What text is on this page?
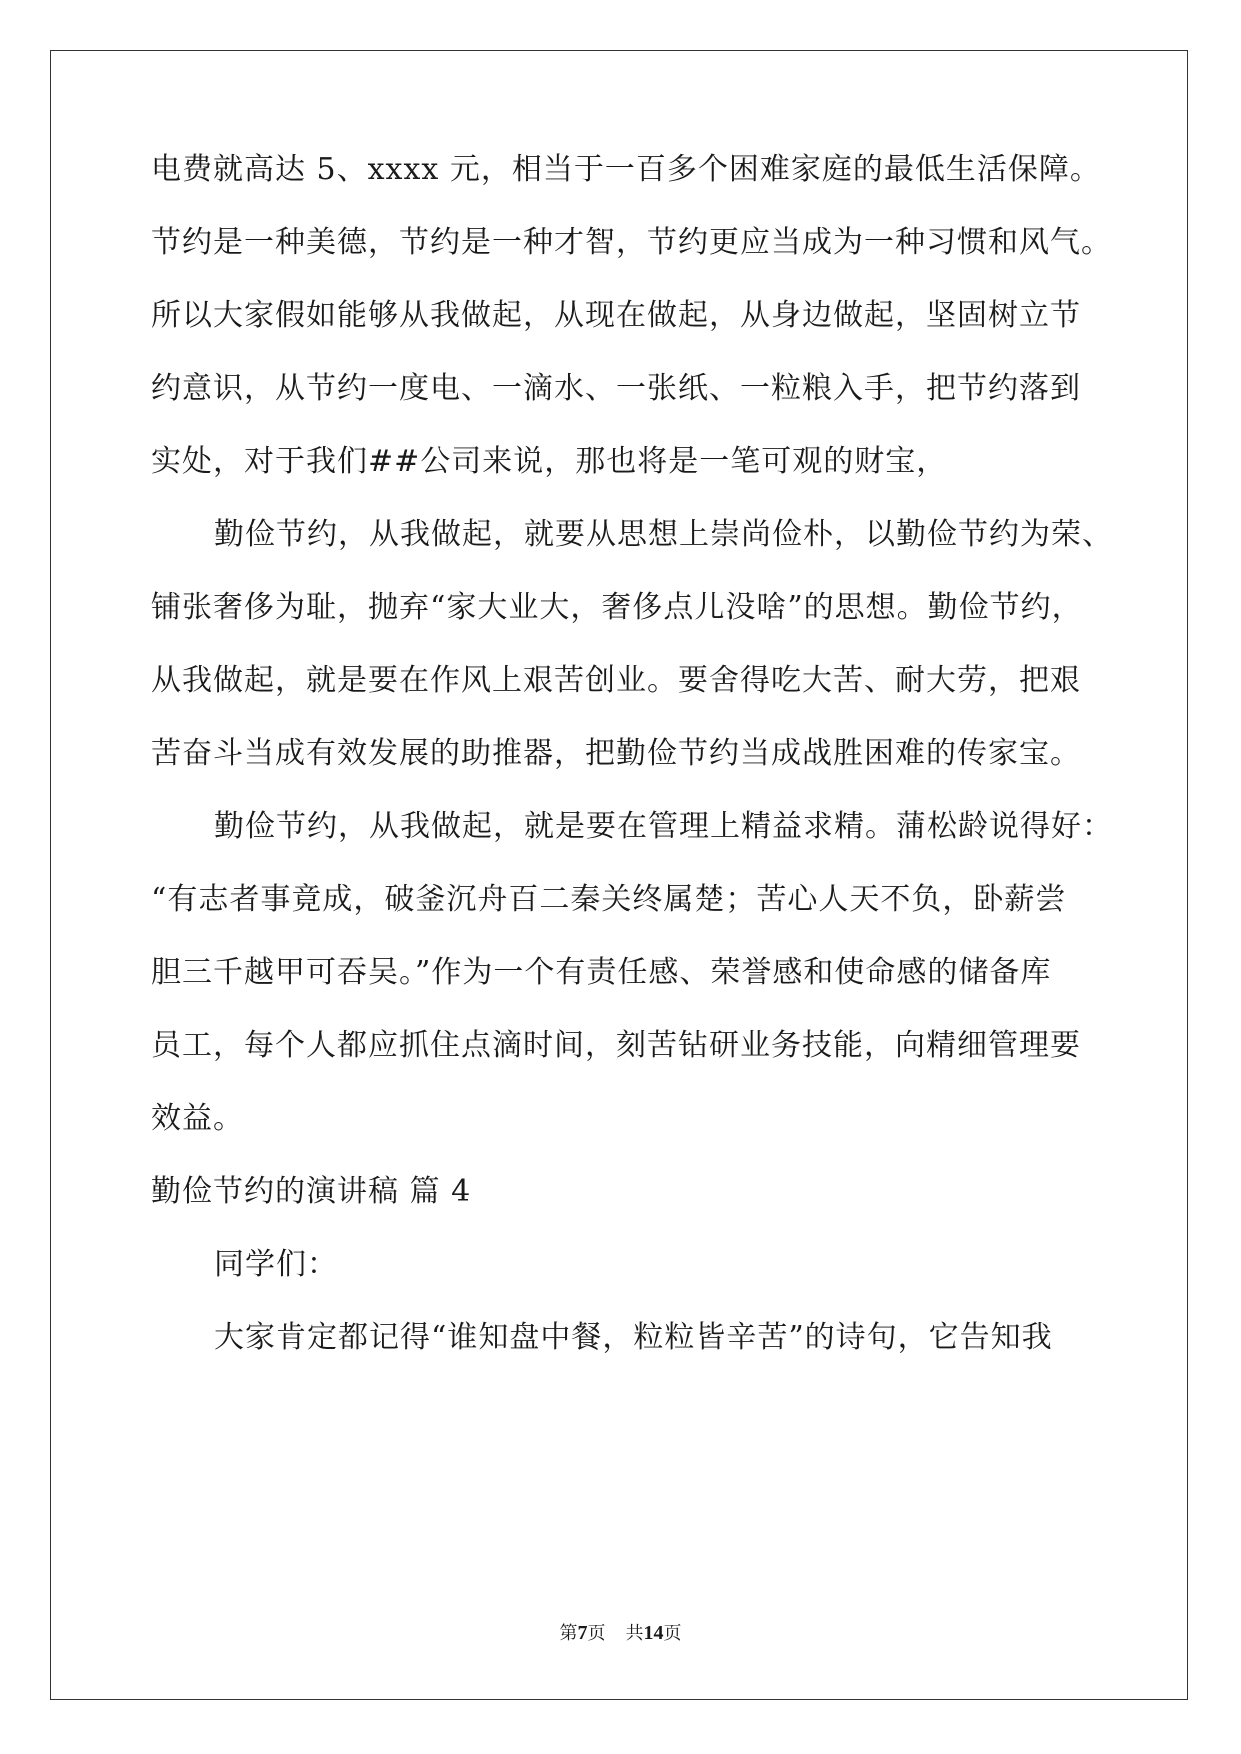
电费就高达 5、xxxx 元，相当于一百多个困难家庭的最低生活保障。

节约是一种美德，节约是一种才智，节约更应当成为一种习惯和风气。

所以大家假如能够从我做起，从现在做起，从身边做起，坚固树立节

约意识，从节约一度电、一滴水、一张纸、一粒粮入手，把节约落到

实处，对于我们##公司来说，那也将是一笔可观的财宝，

勤俭节约，从我做起，就要从思想上崇尚俭朴，以勤俭节约为荣、

铺张奢侈为耻，抛弃“家大业大，奢侈点儿没啥”的思想。勤俭节约，

从我做起，就是要在作风上艰苦创业。要舍得吃大苦、耐大劳，把艰

苦奋斗当成有效发展的助推器，把勤俭节约当成战胜困难的传家宝。

勤俭节约，从我做起，就是要在管理上精益求精。蒲松龄说得好：

“有志者事竟成，破釜沉舟百二秦关终属楚；苦心人天不负，卧薪尝

胆三千越甲可吞吴。”作为一个有责任感、荣誉感和使命感的储备库

员工，每个人都应抓住点滴时间，刻苦钻研业务技能，向精细管理要

效益。

勤俭节约的演讲稿 篇 4

同学们：

大家肯定都记得“谁知盘中餐，粒粒皆辛苦”的诗句，它告知我

第7页 共14页
